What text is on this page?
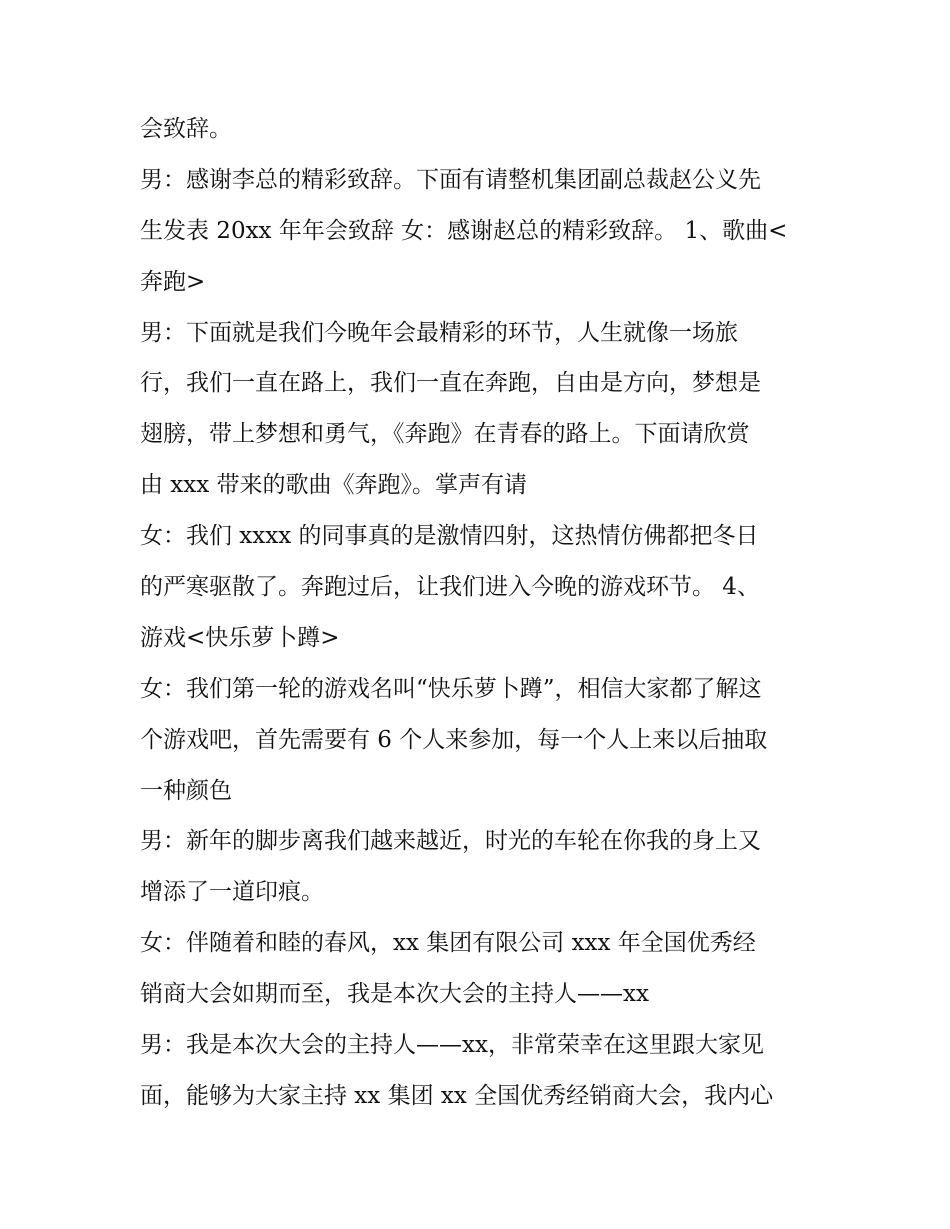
会致辞。
男：感谢李总的精彩致辞。下面有请整机集团副总裁赵公义先
生发表 20xx 年年会致辞 女：感谢赵总的精彩致辞。 1、歌曲<
奔跑>
男：下面就是我们今晚年会最精彩的环节，人生就像一场旅
行，我们一直在路上，我们一直在奔跑，自由是方向，梦想是
翅膀，带上梦想和勇气，《奔跑》在青春的路上。下面请欣赏
由 xxx 带来的歌曲《奔跑》。掌声有请
女：我们 xxxx 的同事真的是激情四射，这热情仿佛都把冬日
的严寒驱散了。奔跑过后，让我们进入今晚的游戏环节。 4、
游戏<快乐萝卜蹲>
女：我们第一轮的游戏名叫“快乐萝卜蹲”，相信大家都了解这
个游戏吧，首先需要有 6 个人来参加，每一个人上来以后抽取
一种颜色
男：新年的脚步离我们越来越近，时光的车轮在你我的身上又
增添了一道印痕。
女：伴随着和睦的春风，xx 集团有限公司 xxx 年全国优秀经
销商大会如期而至，我是本次大会的主持人——xx
男：我是本次大会的主持人——xx，非常荣幸在这里跟大家见
面，能够为大家主持 xx 集团 xx 全国优秀经销商大会，我内心
